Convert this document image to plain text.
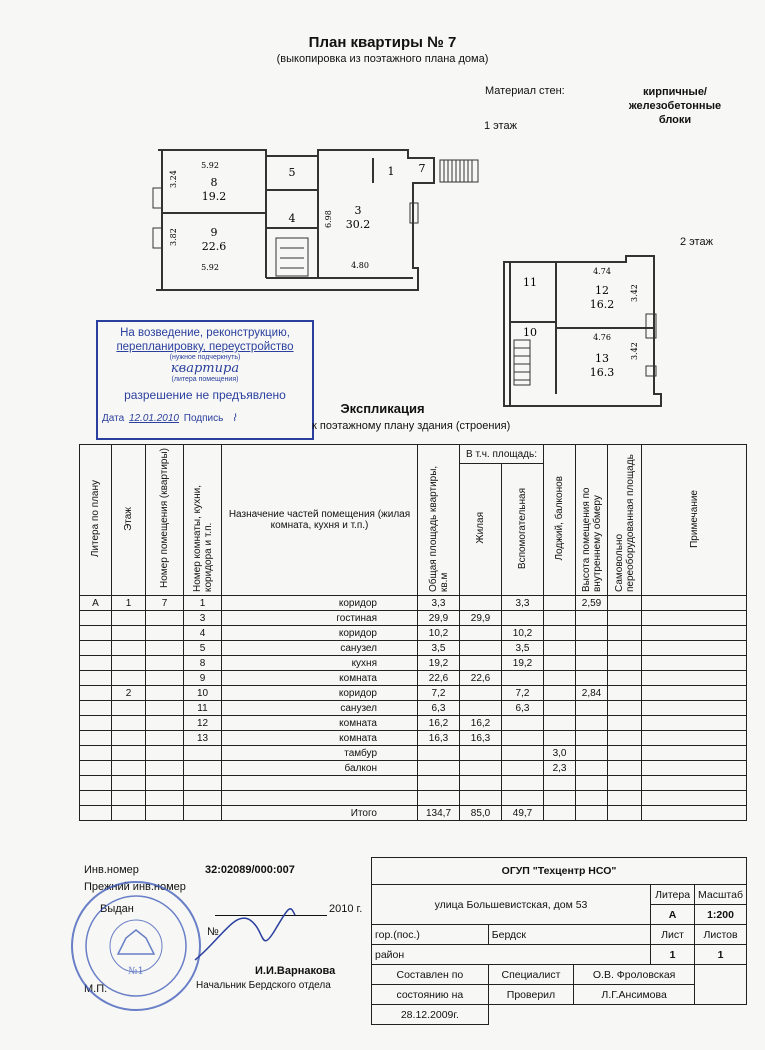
План квартиры № 7
(выкопировка из поэтажного плана дома)
Материал стен:	кирпичные/
железобетонные
блоки
1 этаж
2 этаж
5.92
3.24
3.82
5.92
6.98
4.80
8
19.2
9
22.6
5
4
3
30.2
1 7
4.74
3.42
4.76
3.42
11
10
12
16.2
13
16.3
На возведение, реконструкцию,
перепланировку, переустройство
(нужное подчеркнуть)
квартира
(литера помещения)
разрешение не предъявлено
Дата 12.01.2010 Подпись   ⌇
Экспликация
к поэтажному плану здания (строения)
Литера по плану	Этаж	Номер помещения (квартиры)	Номер комнаты, кухни, коридора и т.п.	Назначение частей помещения (жилая комната, кухня и т.п.)	Общая площадь квартиры, кв.м	В т.ч. площадь:		Лоджий, балконов	Высота помещения по внутреннему обмеру	Самовольно переоборудованная площадь	Примечание
						Жилая	Вспомогательная				
А	1	7	1	коридор	3,3		3,3		2,59		
			3	гостиная	29,9	29,9					
			4	коридор	10,2		10,2				
			5	санузел	3,5		3,5				
			8	кухня	19,2		19,2				
			9	комната	22,6	22,6					
	2		10	коридор	7,2		7,2		2,84		
			11	санузел	6,3		6,3				
			12	комната	16,2	16,2					
			13	комната	16,3	16,3					
				тамбур				3,0			
				балкон				2,3			

				Итого	134,7	85,0	49,7				
Инв.номер	32:02089/000:007
Прежний инв.номер
Выдан	2010 г.
№
И.И.Варнакова
М.П.	Начальник Бердского отдела
№1
ОГУП "Техцентр НСО"				
улица Большевистская, дом 53			Литера	Масштаб
			А	1:200
гор.(пос.)	Бердск		Лист	Листов
район			1	1
Составлен по	Специалист	О.В. Фроловская		
состоянию на	Проверил	Л.Г.Ансимова		
28.12.2009г.				
